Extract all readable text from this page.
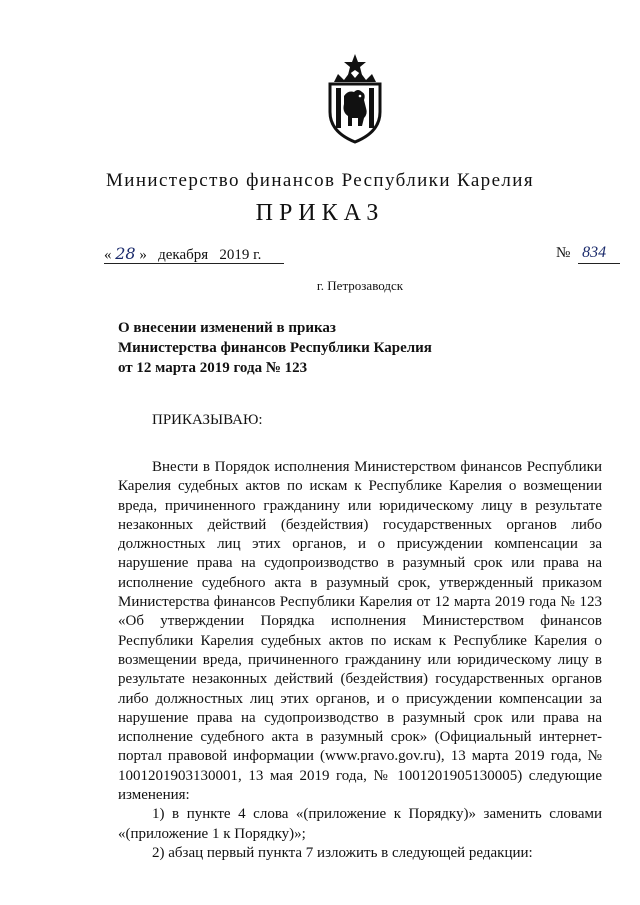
Министерство финансов Республики Карелия
ПРИКАЗ
« 28 » декабря 2019 г.	№ 834
г. Петрозаводск
О внесении изменений в приказ
Министерства финансов Республики Карелия
от 12 марта 2019 года № 123
ПРИКАЗЫВАЮ:

Внести в Порядок исполнения Министерством финансов Республики Карелия судебных актов по искам к Республике Карелия о возмещении вреда, причиненного гражданину или юридическому лицу в результате незаконных действий (бездействия) государственных органов либо должностных лиц этих органов, и о присуждении компенсации за нарушение права на судопроизводство в разумный срок или права на исполнение судебного акта в разумный срок, утвержденный приказом Министерства финансов Республики Карелия от 12 марта 2019 года № 123 «Об утверждении Порядка исполнения Министерством финансов Республики Карелия судебных актов по искам к Республике Карелия о возмещении вреда, причиненного гражданину или юридическому лицу в результате незаконных действий (бездействия) государственных органов либо должностных лиц этих органов, и о присуждении компенсации за нарушение права на судопроизводство в разумный срок или права на исполнение судебного акта в разумный срок» (Официальный интернет-портал правовой информации (www.pravo.gov.ru), 13 марта 2019 года, № 1001201903130001, 13 мая 2019 года, № 1001201905130005) следующие изменения:

1) в пункте 4 слова «(приложение к Порядку)» заменить словами «(приложение 1 к Порядку)»;

2) абзац первый пункта 7 изложить в следующей редакции:
